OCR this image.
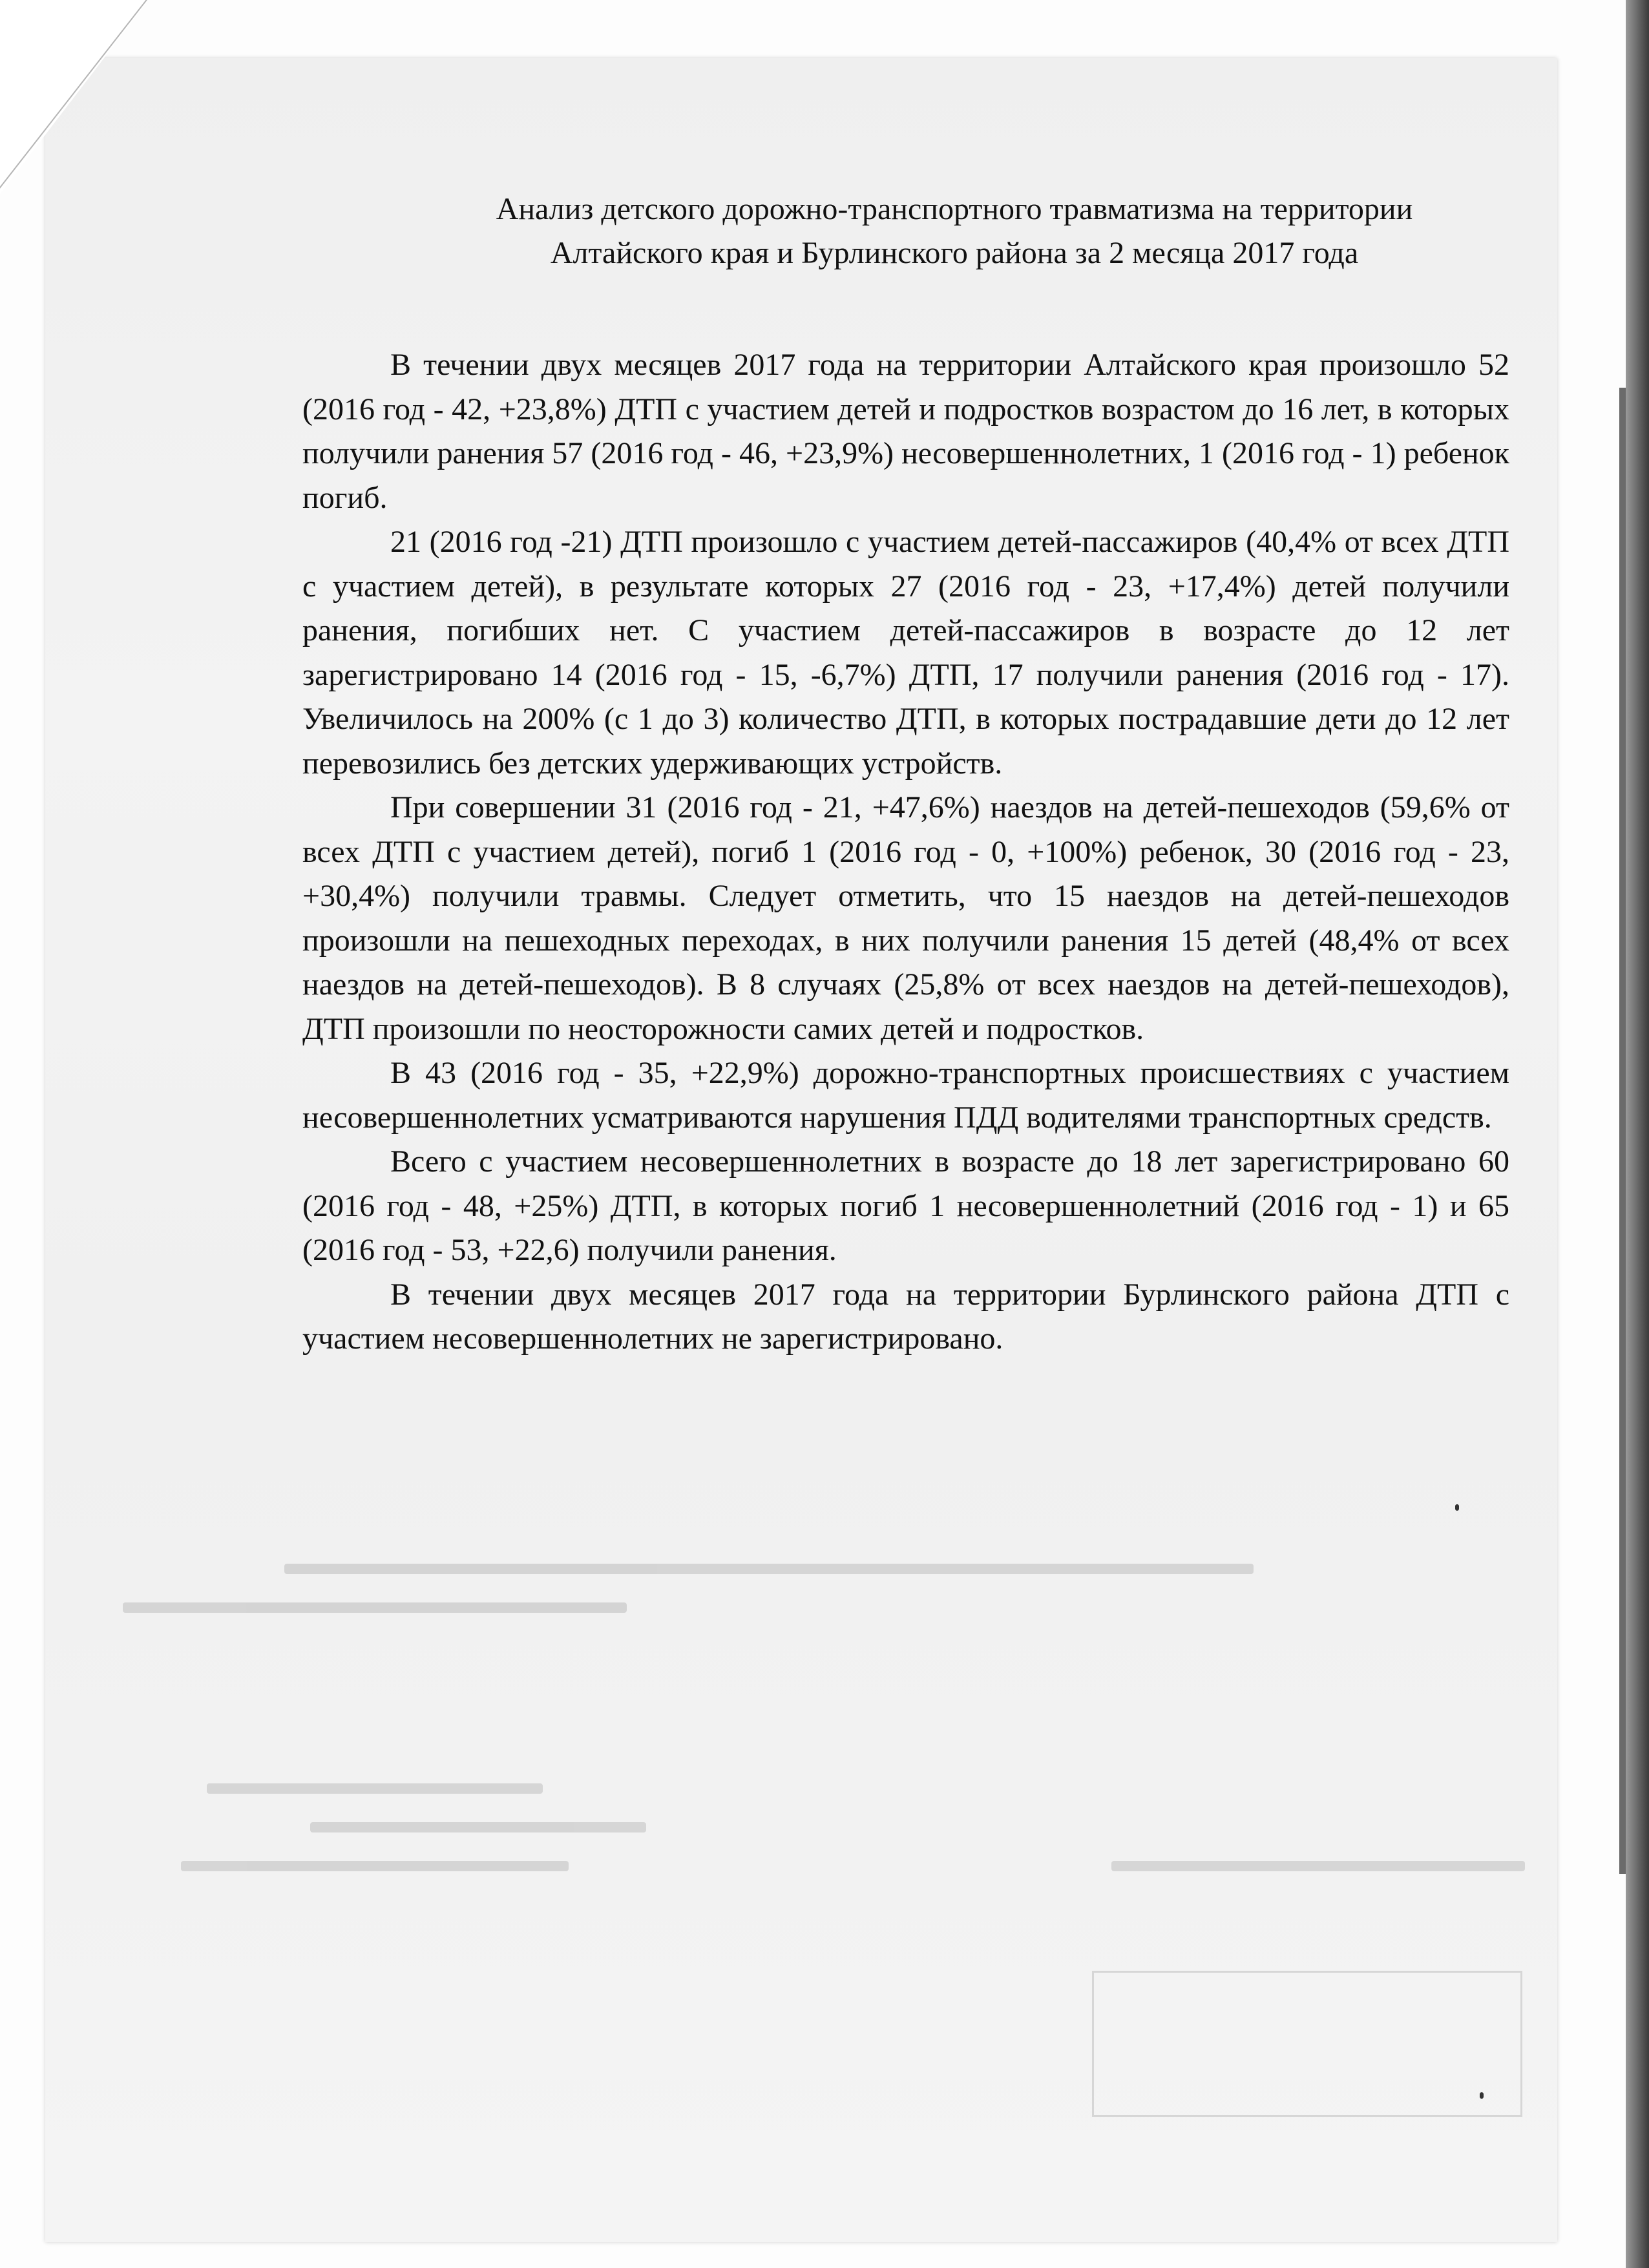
Анализ детского дорожно-транспортного травматизма на территории
Алтайского края и Бурлинского района за 2 месяца 2017 года

В течении двух месяцев 2017 года на территории Алтайского края произошло 52 (2016 год - 42, +23,8%) ДТП с участием детей и подростков возрастом до 16 лет, в которых получили ранения 57 (2016 год - 46, +23,9%) несовершеннолетних, 1 (2016 год - 1) ребенок погиб.

21 (2016 год -21) ДТП произошло с участием детей-пассажиров (40,4% от всех ДТП с участием детей), в результате которых 27 (2016 год - 23, +17,4%) детей получили ранения, погибших нет. С участием детей-пассажиров в возрасте до 12 лет зарегистрировано 14 (2016 год - 15, -6,7%) ДТП, 17 получили ранения (2016 год - 17). Увеличилось на 200% (с 1 до 3) количество ДТП, в которых пострадавшие дети до 12 лет перевозились без детских удерживающих устройств.

При совершении 31 (2016 год - 21, +47,6%) наездов на детей-пешеходов (59,6% от всех ДТП с участием детей), погиб 1 (2016 год - 0, +100%) ребенок, 30 (2016 год - 23, +30,4%) получили травмы. Следует отметить, что 15 наездов на детей-пешеходов произошли на пешеходных переходах, в них получили ранения 15 детей (48,4% от всех наездов на детей-пешеходов). В 8 случаях (25,8% от всех наездов на детей-пешеходов), ДТП произошли по неосторожности самих детей и подростков.

В 43 (2016 год - 35, +22,9%) дорожно-транспортных происшествиях с участием несовершеннолетних усматриваются нарушения ПДД водителями транспортных средств.

Всего с участием несовершеннолетних в возрасте до 18 лет зарегистрировано 60 (2016 год - 48, +25%) ДТП, в которых погиб 1 несовершеннолетний (2016 год - 1) и 65 (2016 год - 53, +22,6) получили ранения.

В течении двух месяцев 2017 года на территории Бурлинского района ДТП с участием несовершеннолетних не зарегистрировано.
